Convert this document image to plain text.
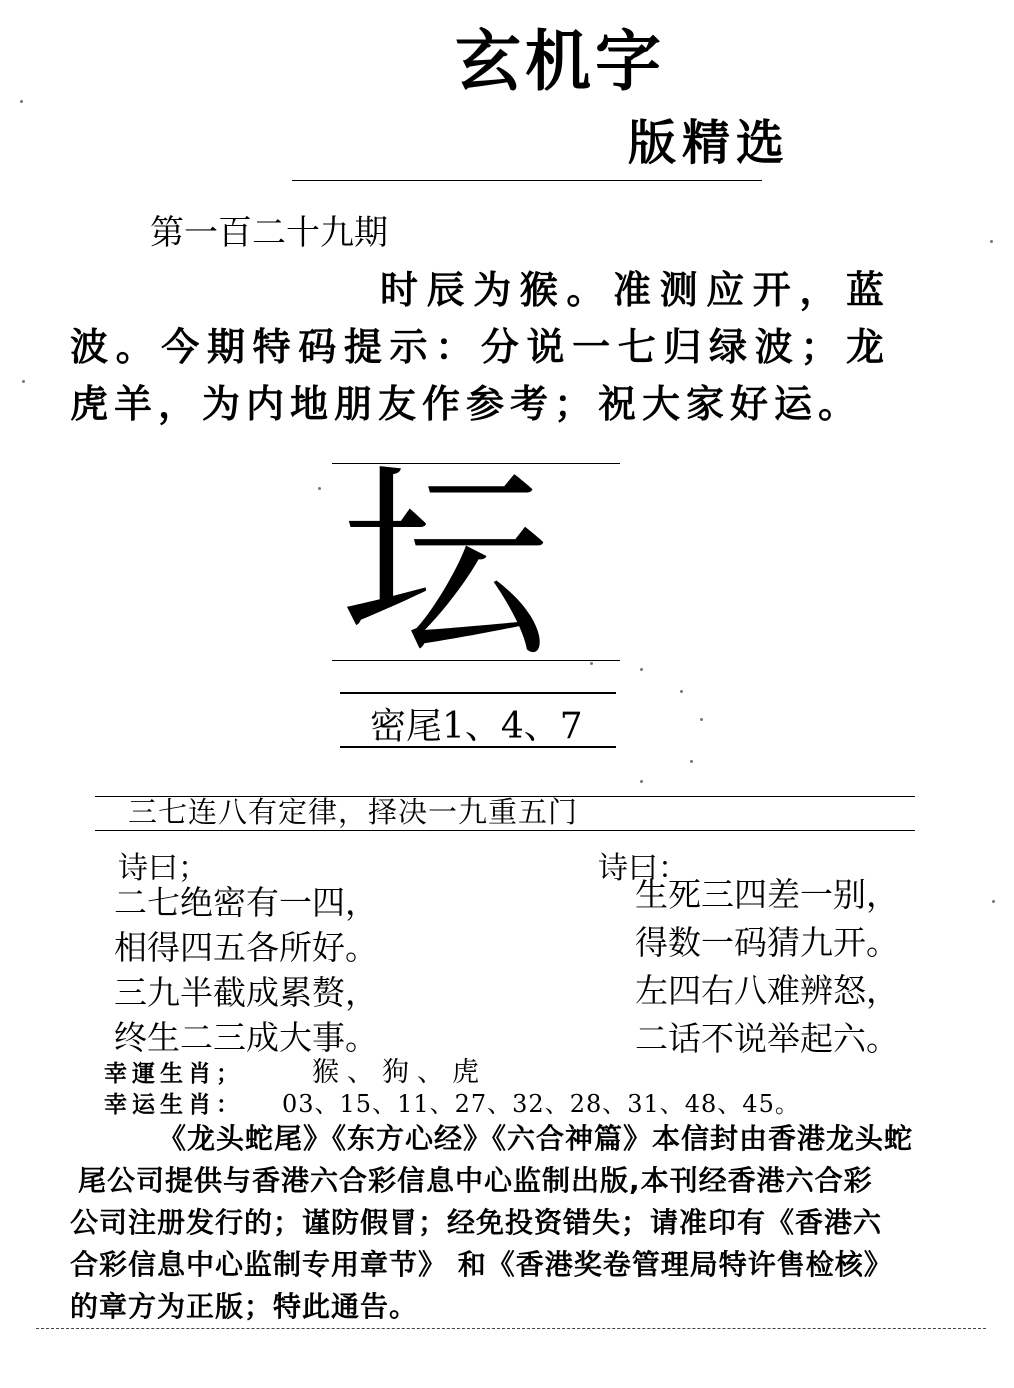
玄机字
版精选
第一百二十九期
时辰为猴。准测应开，蓝波。今期特码提示：分说一七归绿波；龙虎羊，为内地朋友作参考；祝大家好运。
坛
密尾1、4、7
三七连八有定律，择决一九重五门
诗曰；
二七绝密有一四，
相得四五各所好。
三九半截成累赘，
终生二三成大事。
诗曰：
生死三四差一别，
得数一码猜九开。
左四右八难辨怒，
二话不说举起六。
幸運生肖；	猴、狗、虎
幸运生肖： 03、15、11、27、32、28、31、48、45。
《龙头蛇尾》《东方心经》《六合神篇》本信封由香港龙头蛇
尾公司提供与香港六合彩信息中心监制出版,本刊经香港六合彩
公司注册发行的；谨防假冒；经免投资错失；请准印有《香港六
合彩信息中心监制专用章节》 和《香港奖卷管理局特许售检核》
的章方为正版；特此通告。
